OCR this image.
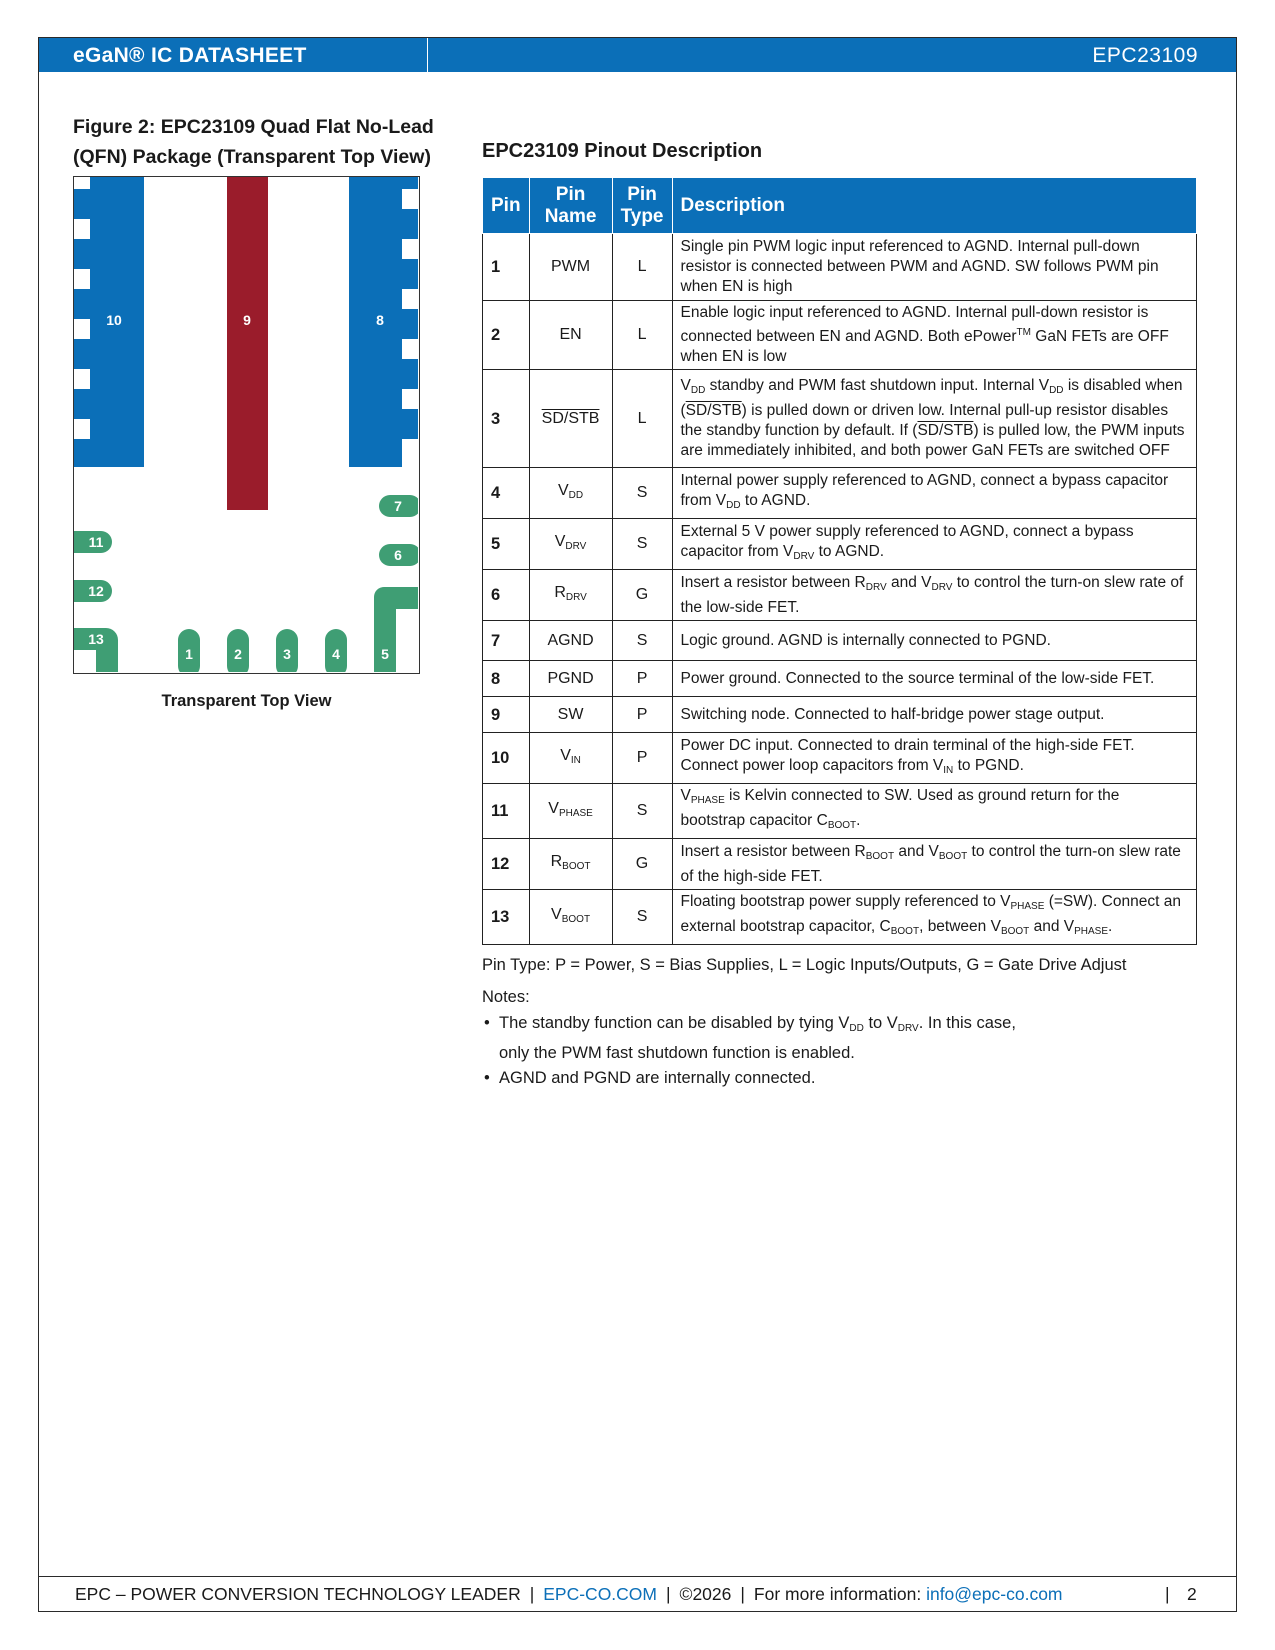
eGaN® IC DATASHEET	EPC23109
Figure 2: EPC23109 Quad Flat No-Lead (QFN) Package (Transparent Top View)
10	9	8
7
11
6
12
13
1	2	3	4	5
Transparent Top View
EPC23109 Pinout Description
Pin	Pin Name	Pin Type	Description
1	PWM	L	Single pin PWM logic input referenced to AGND. Internal pull-down resistor is connected between PWM and AGND. SW follows PWM pin when EN is high
2	EN	L	Enable logic input referenced to AGND. Internal pull-down resistor is connected between EN and AGND. Both ePower™ GaN FETs are OFF when EN is low
3	SD/STB	L	$V_{DD}$ standby and PWM fast shutdown input. Internal $V_{DD}$ is disabled when (SD/STB) is pulled down or driven low. Internal pull-up resistor disables the standby function by default. If (SD/STB) is pulled low, the PWM inputs are immediately inhibited, and both power GaN FETs are switched OFF
4	$V_{DD}$	S	Internal power supply referenced to AGND, connect a bypass capacitor from $V_{DD}$ to AGND.
5	$V_{DRV}$	S	External 5 V power supply referenced to AGND, connect a bypass capacitor from $V_{DRV}$ to AGND.
6	$R_{DRV}$	G	Insert a resistor between $R_{DRV}$ and $V_{DRV}$ to control the turn-on slew rate of the low-side FET.
7	AGND	S	Logic ground. AGND is internally connected to PGND.
8	PGND	P	Power ground. Connected to the source terminal of the low-side FET.
9	SW	P	Switching node. Connected to half-bridge power stage output.
10	$V_{IN}$	P	Power DC input. Connected to drain terminal of the high-side FET. Connect power loop capacitors from $V_{IN}$ to PGND.
11	$V_{PHASE}$	S	$V_{PHASE}$ is Kelvin connected to SW. Used as ground return for the bootstrap capacitor $C_{BOOT}$.
12	$R_{BOOT}$	G	Insert a resistor between $R_{BOOT}$ and $V_{BOOT}$ to control the turn-on slew rate of the high-side FET.
13	$V_{BOOT}$	S	Floating bootstrap power supply referenced to $V_{PHASE}$ (=SW). Connect an external bootstrap capacitor, $C_{BOOT}$, between $V_{BOOT}$ and $V_{PHASE}$.
Pin Type: P = Power, S = Bias Supplies, L = Logic Inputs/Outputs, G = Gate Drive Adjust
Notes:
• The standby function can be disabled by tying $V_{DD}$ to $V_{DRV}$. In this case, only the PWM fast shutdown function is enabled.
• AGND and PGND are internally connected.
EPC – POWER CONVERSION TECHNOLOGY LEADER | EPC-CO.COM | ©2026 | For more information: info@epc-co.com	| 2
